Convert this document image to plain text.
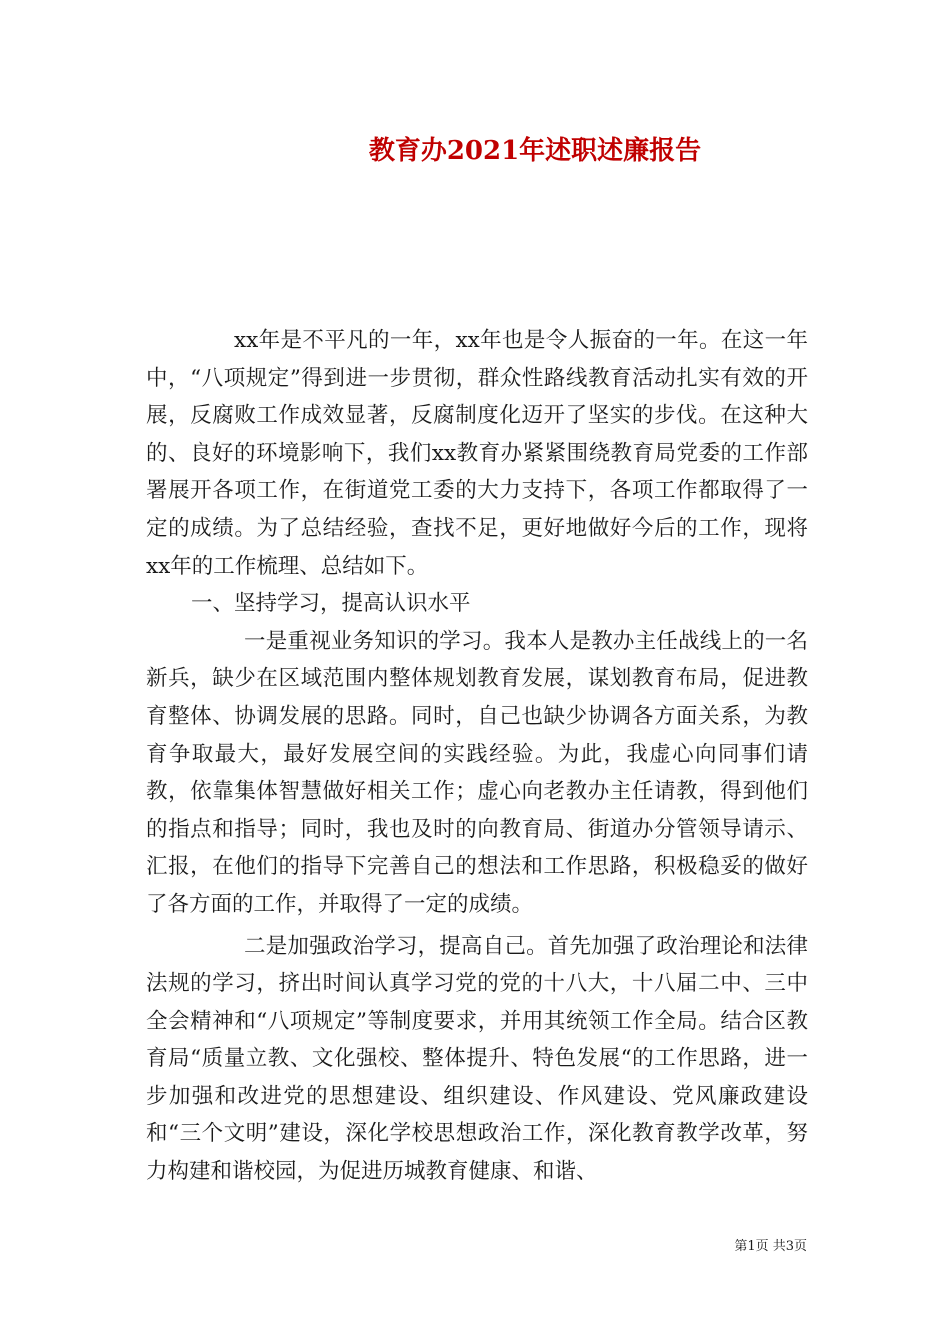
教育办2021年述职述廉报告

xx年是不平凡的一年，xx年也是令人振奋的一年。在这一年中，“八项规定”得到进一步贯彻，群众性路线教育活动扎实有效的开展，反腐败工作成效显著，反腐制度化迈开了坚实的步伐。在这种大的、良好的环境影响下，我们xx教育办紧紧围绕教育局党委的工作部署展开各项工作，在街道党工委的大力支持下，各项工作都取得了一定的成绩。为了总结经验，查找不足，更好地做好今后的工作，现将xx年的工作梳理、总结如下。

一、坚持学习，提高认识水平

一是重视业务知识的学习。我本人是教办主任战线上的一名新兵，缺少在区域范围内整体规划教育发展，谋划教育布局，促进教育整体、协调发展的思路。同时，自己也缺少协调各方面关系，为教育争取最大，最好发展空间的实践经验。为此，我虚心向同事们请教，依靠集体智慧做好相关工作；虚心向老教办主任请教，得到他们的指点和指导；同时，我也及时的向教育局、街道办分管领导请示、汇报，在他们的指导下完善自己的想法和工作思路，积极稳妥的做好了各方面的工作，并取得了一定的成绩。

二是加强政治学习，提高自己。首先加强了政治理论和法律法规的学习，挤出时间认真学习党的党的十八大，十八届二中、三中全会精神和“八项规定”等制度要求，并用其统领工作全局。结合区教育局“质量立教、文化强校、整体提升、特色发展“的工作思路，进一步加强和改进党的思想建设、组织建设、作风建设、党风廉政建设和“三个文明”建设，深化学校思想政治工作，深化教育教学改革，努力构建和谐校园，为促进历城教育健康、和谐、

第1页 共3页
